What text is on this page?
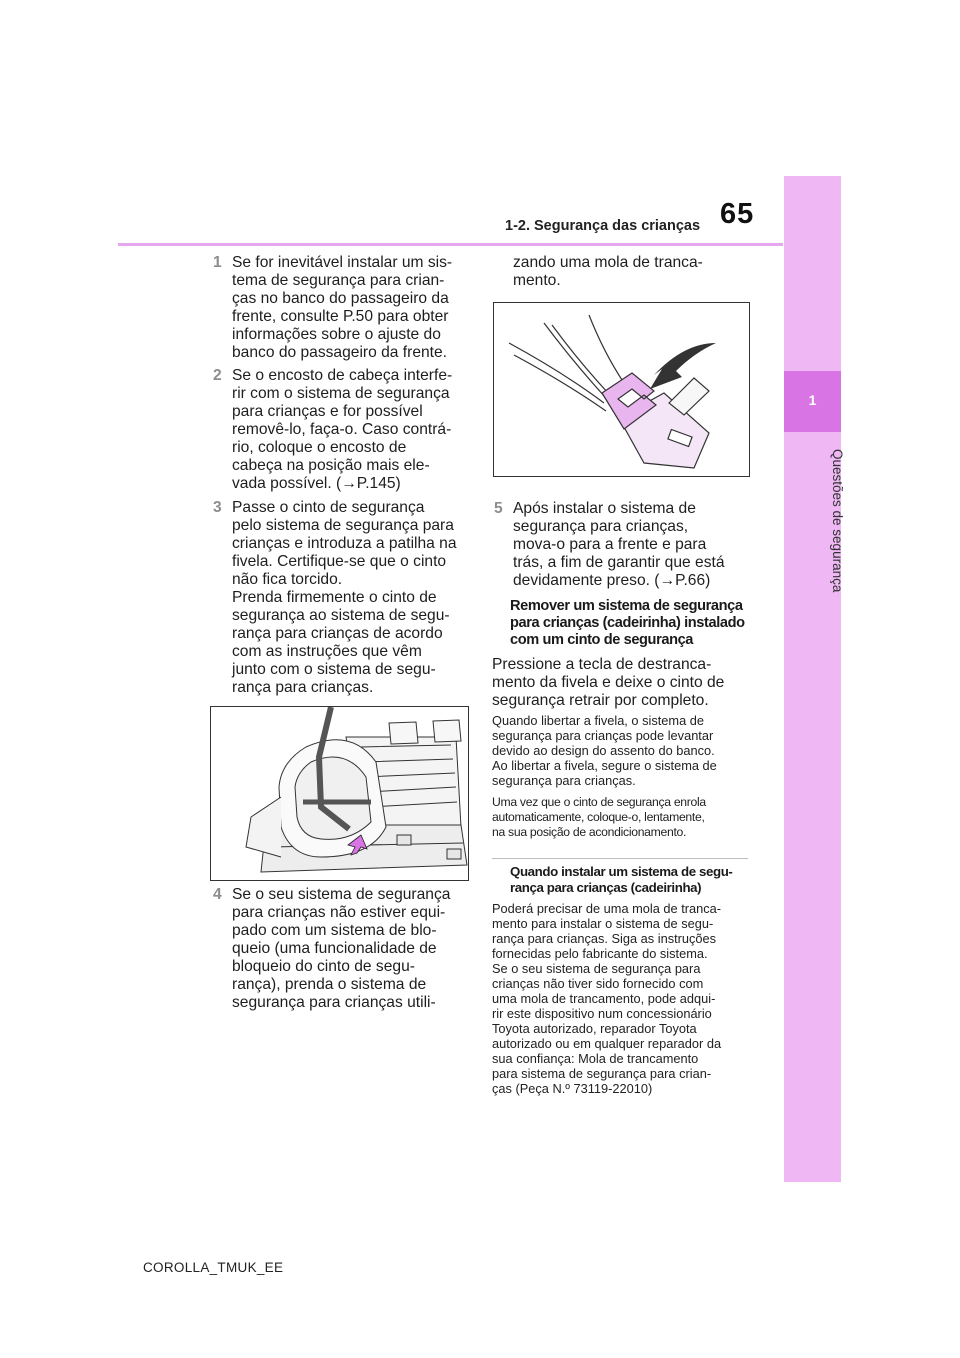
65
1-2. Segurança das crianças
1
Questões de segurança
1 Se for inevitável instalar um sis-
tema de segurança para crian-
ças no banco do passageiro da
frente, consulte P.50 para obter
informações sobre o ajuste do
banco do passageiro da frente.
2 Se o encosto de cabeça interfe-
rir com o sistema de segurança
para crianças e for possível
removê-lo, faça-o. Caso contrá-
rio, coloque o encosto de
cabeça na posição mais ele-
vada possível. (→P.145)
3 Passe o cinto de segurança
pelo sistema de segurança para
crianças e introduza a patilha na
fivela. Certifique-se que o cinto
não fica torcido.
Prenda firmemente o cinto de
segurança ao sistema de segu-
rança para crianças de acordo
com as instruções que vêm
junto com o sistema de segu-
rança para crianças.
4 Se o seu sistema de segurança
para crianças não estiver equi-
pado com um sistema de blo-
queio (uma funcionalidade de
bloqueio do cinto de segu-
rança), prenda o sistema de
segurança para crianças utili-
zando uma mola de tranca-
mento.
5 Após instalar o sistema de
segurança para crianças,
mova-o para a frente e para
trás, a fim de garantir que está
devidamente preso. (→P.66)
Remover um sistema de segurança
para crianças (cadeirinha) instalado
com um cinto de segurança
Pressione a tecla de destranca-
mento da fivela e deixe o cinto de
segurança retrair por completo.
Quando libertar a fivela, o sistema de
segurança para crianças pode levantar
devido ao design do assento do banco.
Ao libertar a fivela, segure o sistema de
segurança para crianças.
Uma vez que o cinto de segurança enrola
automaticamente, coloque-o, lentamente,
na sua posição de acondicionamento.
Quando instalar um sistema de segu-
rança para crianças (cadeirinha)
Poderá precisar de uma mola de tranca-
mento para instalar o sistema de segu-
rança para crianças. Siga as instruções
fornecidas pelo fabricante do sistema.
Se o seu sistema de segurança para
crianças não tiver sido fornecido com
uma mola de trancamento, pode adqui-
rir este dispositivo num concessionário
Toyota autorizado, reparador Toyota
autorizado ou em qualquer reparador da
sua confiança: Mola de trancamento
para sistema de segurança para crian-
ças (Peça N.º 73119-22010)
COROLLA_TMUK_EE
